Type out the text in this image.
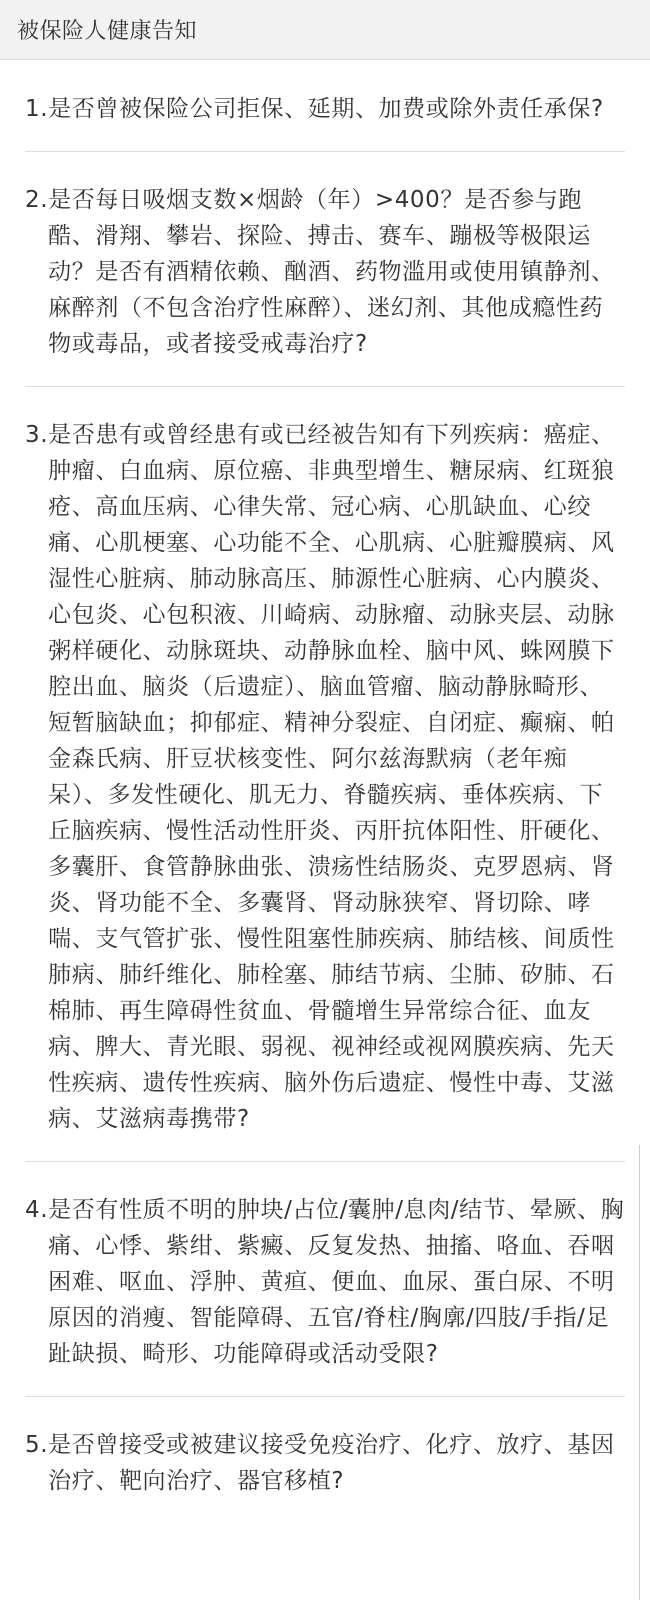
被保险人健康告知
1. 是否曾被保险公司拒保、延期、加费或除外责任承保?
2. 是否每日吸烟支数×烟龄（年）>400？是否参与跑酷、滑翔、攀岩、探险、搏击、赛车、蹦极等极限运动？是否有酒精依赖、酗酒、药物滥用或使用镇静剂、麻醉剂（不包含治疗性麻醉）、迷幻剂、其他成瘾性药物或毒品，或者接受戒毒治疗?
3. 是否患有或曾经患有或已经被告知有下列疾病：癌症、肿瘤、白血病、原位癌、非典型增生、糖尿病、红斑狼疮、高血压病、心律失常、冠心病、心肌缺血、心绞痛、心肌梗塞、心功能不全、心肌病、心脏瓣膜病、风湿性心脏病、肺动脉高压、肺源性心脏病、心内膜炎、心包炎、心包积液、川崎病、动脉瘤、动脉夹层、动脉粥样硬化、动脉斑块、动静脉血栓、脑中风、蛛网膜下腔出血、脑炎（后遗症）、脑血管瘤、脑动静脉畸形、短暂脑缺血；抑郁症、精神分裂症、自闭症、癫痫、帕金森氏病、肝豆状核变性、阿尔兹海默病（老年痴呆）、多发性硬化、肌无力、脊髓疾病、垂体疾病、下丘脑疾病、慢性活动性肝炎、丙肝抗体阳性、肝硬化、多囊肝、食管静脉曲张、溃疡性结肠炎、克罗恩病、肾炎、肾功能不全、多囊肾、肾动脉狭窄、肾切除、哮喘、支气管扩张、慢性阻塞性肺疾病、肺结核、间质性肺病、肺纤维化、肺栓塞、肺结节病、尘肺、矽肺、石棉肺、再生障碍性贫血、骨髓增生异常综合征、血友病、脾大、青光眼、弱视、视神经或视网膜疾病、先天性疾病、遗传性疾病、脑外伤后遗症、慢性中毒、艾滋病、艾滋病毒携带?
4. 是否有性质不明的肿块/占位/囊肿/息肉/结节、晕厥、胸痛、心悸、紫绀、紫癜、反复发热、抽搐、咯血、吞咽困难、呕血、浮肿、黄疸、便血、血尿、蛋白尿、不明原因的消瘦、智能障碍、五官/脊柱/胸廓/四肢/手指/足趾缺损、畸形、功能障碍或活动受限?
5. 是否曾接受或被建议接受免疫治疗、化疗、放疗、基因治疗、靶向治疗、器官移植?
